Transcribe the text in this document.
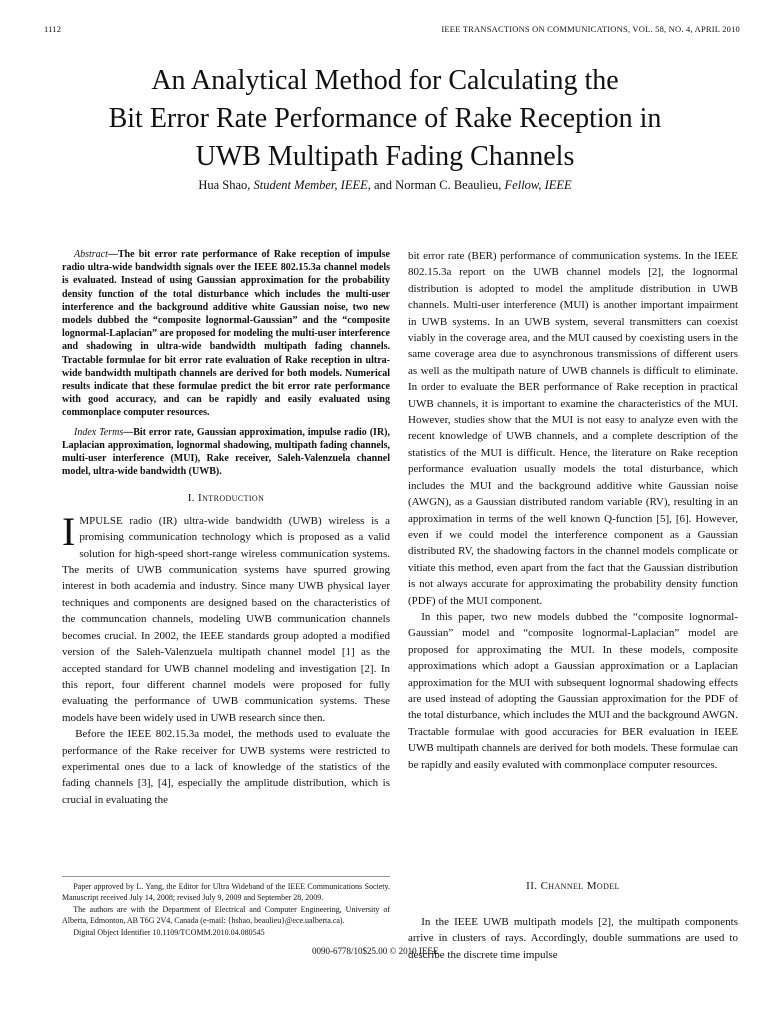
1112	IEEE TRANSACTIONS ON COMMUNICATIONS, VOL. 58, NO. 4, APRIL 2010
An Analytical Method for Calculating the
Bit Error Rate Performance of Rake Reception in
UWB Multipath Fading Channels
Hua Shao, Student Member, IEEE, and Norman C. Beaulieu, Fellow, IEEE

Abstract—The bit error rate performance of Rake reception of impulse radio ultra-wide bandwidth signals over the IEEE 802.15.3a channel models is evaluated. Instead of using Gaussian approximation for the probability density function of the total disturbance which includes the multi-user interference and the background additive white Gaussian noise, two new models dubbed the “composite lognormal-Gaussian” and the “composite lognormal-Laplacian” are proposed for modeling the multi-user interference and shadowing in ultra-wide bandwidth multipath fading channels. Tractable formulae for bit error rate evaluation of Rake reception in ultra-wide bandwidth multipath channels are derived for both models. Numerical results indicate that these formulae predict the bit error rate performance with good accuracy, and can be rapidly and easily evaluated using commonplace computer resources.

Index Terms—Bit error rate, Gaussian approximation, impulse radio (IR), Laplacian approximation, lognormal shadowing, multipath fading channels, multi-user interference (MUI), Rake receiver, Saleh-Valenzuela channel model, ultra-wide bandwidth (UWB).

I. Introduction

IMPULSE radio (IR) ultra-wide bandwidth (UWB) wireless is a promising communication technology which is proposed as a valid solution for high-speed short-range wireless communication systems. The merits of UWB communication systems have spurred growing interest in both academia and industry. Since many UWB physical layer techniques and components are designed based on the characteristics of the communcation channels, modeling UWB communication channels becomes crucial. In 2002, the IEEE standards group adopted a modified version of the Saleh-Valenzuela multipath channel model [1] as the accepted standard for UWB channel modeling and investigation [2]. In this report, four different channel models were proposed for fully evaluating the performance of UWB communication systems. These models have been widely used in UWB research since then.

Before the IEEE 802.15.3a model, the methods used to evaluate the performance of the Rake receiver for UWB systems were restricted to experimental ones due to a lack of knowledge of the statistics of the fading channels [3], [4], especially the amplitude distribution, which is crucial in evaluating the

Paper approved by L. Yang, the Editor for Ultra Wideband of the IEEE Communications Society. Manuscript received July 14, 2008; revised July 9, 2009 and September 28, 2009.

The authors are with the Department of Electrical and Computer Engineering, University of Alberta, Edmonton, AB T6G 2V4, Canada (e-mail: {hshao, beaulieu}@ece.ualberta.ca).

Digital Object Identifier 10.1109/TCOMM.2010.04.080545

bit error rate (BER) performance of communication systems. In the IEEE 802.15.3a report on the UWB channel models [2], the lognormal distribution is adopted to model the amplitude distribution in UWB channels. Multi-user interference (MUI) is another important impairment in UWB systems. In an UWB system, several transmitters can coexist viably in the coverage area, and the MUI caused by coexisting users in the same coverage area due to asynchronous transmissions of different users as well as the multipath nature of UWB channels is difficult to eliminate. In order to evaluate the BER performance of Rake reception in practical UWB channels, it is important to examine the characteristics of the MUI. However, studies show that the MUI is not easy to analyze even with the recent knowledge of UWB channels, and a complete description of the statistics of the MUI is difficult. Hence, the literature on Rake reception performance evaluation usually models the total disturbance, which includes the MUI and the background additive white Gaussian noise (AWGN), as a Gaussian distributed random variable (RV), resulting in an approximation in terms of the well known Q-function [5], [6]. However, even if we could model the interference component as a Gaussian distributed RV, the shadowing factors in the channel models complicate or vitiate this method, even apart from the fact that the Gaussian distribution is not always accurate for approximating the probability density function (PDF) of the MUI component.

In this paper, two new models dubbed the “composite lognormal-Gaussian” model and “composite lognormal-Laplacian” model are proposed for approximating the MUI. In these models, composite approximations which adopt a Gaussian approximation or a Laplacian approximation for the MUI with subsequent lognormal shadowing effects are used instead of adopting the Gaussian approximation for the PDF of the total disturbance, which includes the MUI and the background AWGN. Tractable formulae with good accuracies for BER evaluation in IEEE UWB multipath channels are derived for both models. These formulae can be rapidly and easily evaluted with commonplace computer resources.

II. Channel Model

In the IEEE UWB multipath models [2], the multipath components arrive in clusters of rays. Accordingly, double summations are used to describe the discrete time impulse

0090-6778/10$25.00 © 2010 IEEE
